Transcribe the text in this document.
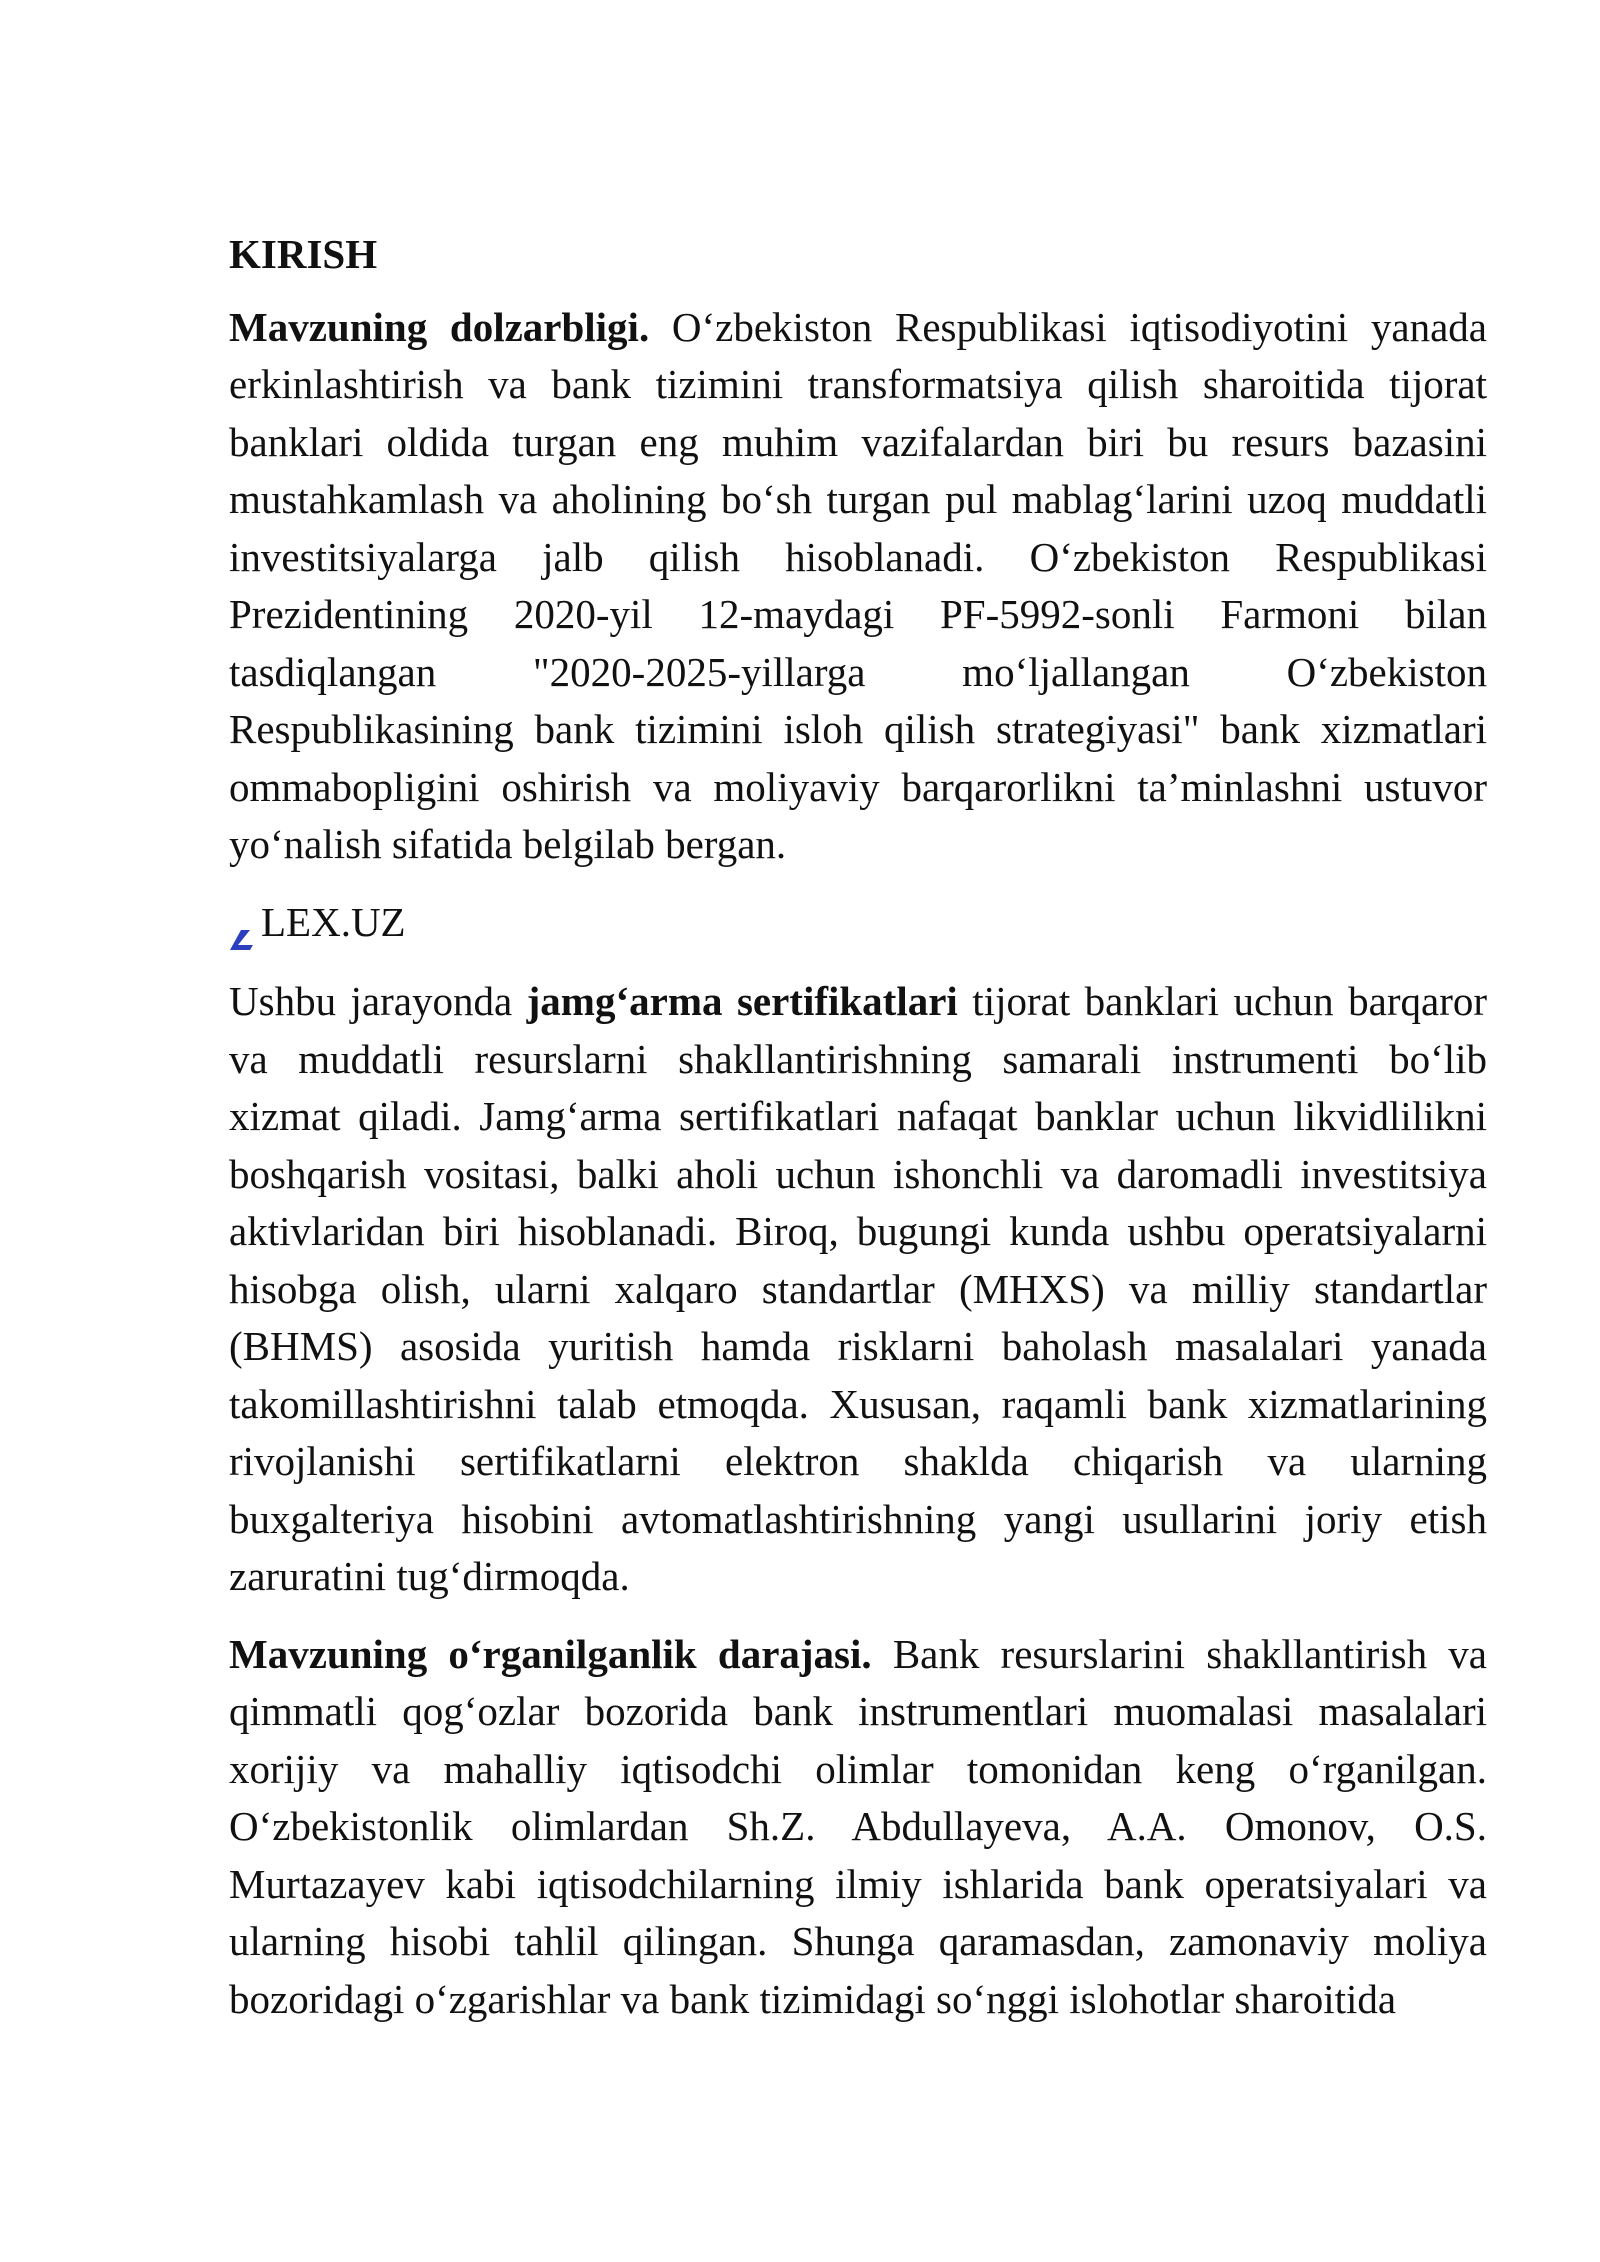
KIRISH

Mavzuning dolzarbligi. O‘zbekiston Respublikasi iqtisodiyotini yanada erkinlashtirish va bank tizimini transformatsiya qilish sharoitida tijorat banklari oldida turgan eng muhim vazifalardan biri bu resurs bazasini mustahkamlash va aholining bo‘sh turgan pul mablag‘larini uzoq muddatli investitsiyalarga jalb qilish hisoblanadi. O‘zbekiston Respublikasi Prezidentining 2020-yil 12-maydagi PF-5992-sonli Farmoni bilan tasdiqlangan "2020-2025-yillarga mo‘ljallangan O‘zbekiston Respublikasining bank tizimini isloh qilish strategiyasi" bank xizmatlari ommabopligini oshirish va moliyaviy barqarorlikni ta’minlashni ustuvor yo‘nalish sifatida belgilab bergan.

LEX.UZ

Ushbu jarayonda jamg‘arma sertifikatlari tijorat banklari uchun barqaror va muddatli resurslarni shakllantirishning samarali instrumenti bo‘lib xizmat qiladi. Jamg‘arma sertifikatlari nafaqat banklar uchun likvidlilikni boshqarish vositasi, balki aholi uchun ishonchli va daromadli investitsiya aktivlaridan biri hisoblanadi. Biroq, bugungi kunda ushbu operatsiyalarni hisobga olish, ularni xalqaro standartlar (MHXS) va milliy standartlar (BHMS) asosida yuritish hamda risklarni baholash masalalari yanada takomillashtirishni talab etmoqda. Xususan, raqamli bank xizmatlarining rivojlanishi sertifikatlarni elektron shaklda chiqarish va ularning buxgalteriya hisobini avtomatlashtirishning yangi usullarini joriy etish zaruratini tug‘dirmoqda.

Mavzuning o‘rganilganlik darajasi. Bank resurslarini shakllantirish va qimmatli qog‘ozlar bozorida bank instrumentlari muomalasi masalalari xorijiy va mahalliy iqtisodchi olimlar tomonidan keng o‘rganilgan. O‘zbekistonlik olimlardan Sh.Z. Abdullayeva, A.A. Omonov, O.S. Murtazayev kabi iqtisodchilarning ilmiy ishlarida bank operatsiyalari va ularning hisobi tahlil qilingan. Shunga qaramasdan, zamonaviy moliya bozoridagi o‘zgarishlar va bank tizimidagi so‘nggi islohotlar sharoitida
